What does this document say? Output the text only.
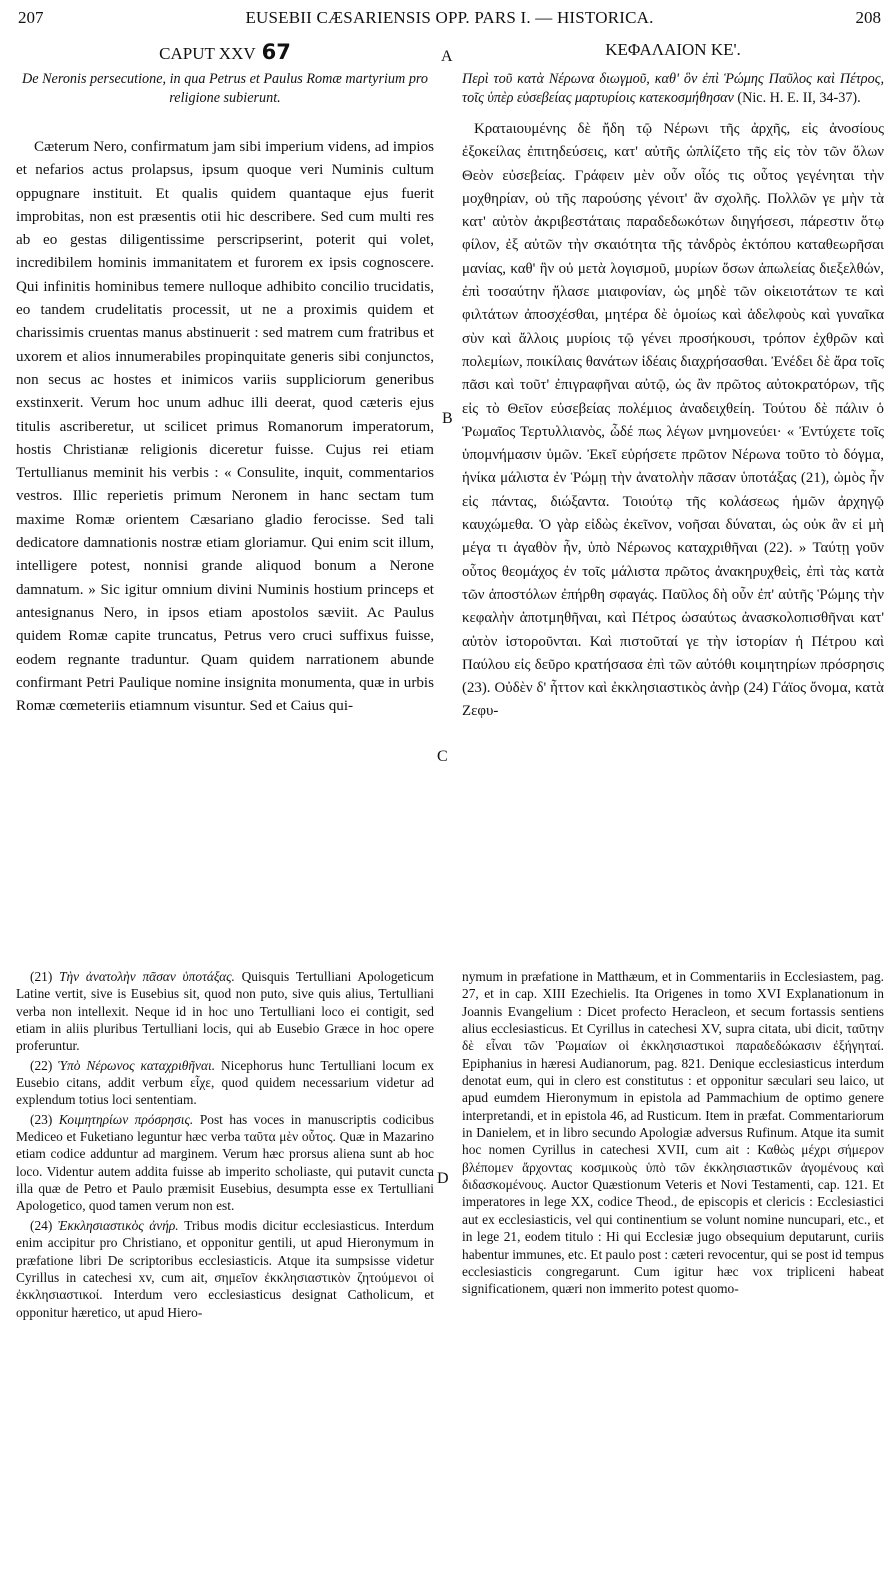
207	EUSEBII CÆSARIENSIS OPP. PARS I. — HISTORICA.	208
A
B
C
D
CAPUT XXV 67

De Neronis persecutione, in qua Petrus et Paulus Romæ martyrium pro religione subierunt.

Cæterum Nero, confirmatum jam sibi imperium videns, ad impios et nefarios actus prolapsus, ipsum quoque veri Numinis cultum oppugnare instituit. Et qualis quidem quantaque ejus fuerit improbitas, non est præsentis otii hic describere. Sed cum multi res ab eo gestas diligentissime perscripserint, poterit qui volet, incredibilem hominis immanitatem et furorem ex ipsis cognoscere. Qui infinitis hominibus temere nulloque adhibito concilio trucidatis, eo tandem crudelitatis processit, ut ne a proximis quidem et charissimis cruentas manus abstinuerit : sed matrem cum fratribus et uxorem et alios innumerabiles propinquitate generis sibi conjunctos, non secus ac hostes et inimicos variis suppliciorum generibus exstinxerit. Verum hoc unum adhuc illi deerat, quod cæteris ejus titulis ascriberetur, ut scilicet primus Romanorum imperatorum, hostis Christianæ religionis diceretur fuisse. Cujus rei etiam Tertullianus meminit his verbis : « Consulite, inquit, commentarios vestros. Illic reperietis primum Neronem in hanc sectam tum maxime Romæ orientem Cæsariano gladio ferocisse. Sed tali dedicatore damnationis nostræ etiam gloriamur. Qui enim scit illum, intelligere potest, nonnisi grande aliquod bonum a Nerone damnatum. » Sic igitur omnium divini Numinis hostium princeps et antesignanus Nero, in ipsos etiam apostolos sæviit. Ac Paulus quidem Romæ capite truncatus, Petrus vero cruci suffixus fuisse, eodem regnante traduntur. Quam quidem narrationem abunde confirmant Petri Paulique nomine insignita monumenta, quæ in urbis Romæ cœmeteriis etiamnum visuntur. Sed et Caius qui-

ΚΕΦΑΛΑΙΟΝ ΚΕ'.

Περὶ τοῦ κατὰ Νέρωνα διωγμοῦ, καθ' ὃν ἐπὶ Ῥώμης Παῦλος καὶ Πέτρος, τοῖς ὑπὲρ εὐσεβείας μαρτυρίοις κατεκοσμήθησαν (Nic. H. E. II, 34-37).

Κρατaιουμένης δὲ ἤδη τῷ Νέρωνι τῆς ἀρχῆς, εἰς ἀνοσίους ἐξοκείλας ἐπιτηδεύσεις, κατ' αὐτῆς ὡπλίζετο τῆς εἰς τὸν τῶν ὅλων Θεὸν εὐσεβείας. Γράφειν μὲν οὖν οἷός τις οὗτος γεγένηται τὴν μοχθηρίαν, οὐ τῆς παρούσης γένοιτ' ἂν σχολῆς. Πολλῶν γε μὴν τὰ κατ' αὐτὸν ἀκριβεστάταις παραδεδωκότων διηγήσεσι, πάρεστιν ὅτῳ φίλον, ἐξ αὐτῶν τὴν σκαιότητα τῆς τἀνδρὸς ἐκτόπου καταθεωρῆσαι μανίας, καθ' ἣν οὐ μετὰ λογισμοῦ, μυρίων ὅσων ἀπωλείας διεξελθών, ἐπὶ τοσαύτην ἤλασε μιαιφονίαν, ὡς μηδὲ τῶν οἰκειοτάτων τε καὶ φιλτάτων ἀποσχέσθαι, μητέρα δὲ ὁμοίως καὶ ἀδελφοὺς καὶ γυναῖκα σὺν καὶ ἄλλοις μυρίοις τῷ γένει προσήκουσι, τρόπον ἐχθρῶν καὶ πολεμίων, ποικίλαις θανάτων ἰδέαις διαχρήσασθαι. Ἐνέδει δὲ ἄρα τοῖς πᾶσι καὶ τοῦτ' ἐπιγραφῆναι αὐτῷ, ὡς ἂν πρῶτος αὐτοκρατόρων, τῆς εἰς τὸ Θεῖον εὐσεβείας πολέμιος ἀναδειχθείη. Τούτου δὲ πάλιν ὁ Ῥωμαῖος Τερτυλλιανὸς, ὧδέ πως λέγων μνημονεύει· « Ἐντύχετε τοῖς ὑπομνήμασιν ὑμῶν. Ἐκεῖ εὑρήσετε πρῶτον Νέρωνα τοῦτο τὸ δόγμα, ἡνίκα μάλιστα ἐν Ῥώμῃ τὴν ἀνατολὴν πᾶσαν ὑποτάξας (21), ὠμὸς ἦν εἰς πάντας, διώξαντα. Τοιούτῳ τῆς κολάσεως ἡμῶν ἀρχηγῷ καυχώμεθα. Ὁ γὰρ εἰδὼς ἐκεῖνον, νοῆσαι δύναται, ὡς οὐκ ἂν εἰ μὴ μέγα τι ἀγαθὸν ἦν, ὑπὸ Νέρωνος καταχριθῆναι (22). » Ταύτῃ γοῦν οὗτος θεομάχος ἐν τοῖς μάλιστα πρῶτος ἀνακηρυχθεὶς, ἐπὶ τὰς κατὰ τῶν ἀποστόλων ἐπήρθη σφαγάς. Παῦλος δὴ οὖν ἐπ' αὐτῆς Ῥώμης τὴν κεφαλὴν ἀποτμηθῆναι, καὶ Πέτρος ὡσαύτως ἀνασκολοπισθῆναι κατ' αὐτὸν ἱστοροῦνται. Καὶ πιστοῦταί γε τὴν ἱστορίαν ἡ Πέτρου καὶ Παύλου εἰς δεῦρο κρατήσασα ἐπὶ τῶν αὐτόθι κοιμητηρίων πρόσρησις (23). Οὐδὲν δ' ἧττον καὶ ἐκκλησιαστικὸς ἀνὴρ (24) Γάϊος ὄνομα, κατὰ Ζεφυ-

(21) Τὴν ἀνατολὴν πᾶσαν ὑποτάξας. Quisquis Tertulliani Apologeticum Latine vertit, sive is Eusebius sit, quod non puto, sive quis alius, Tertulliani verba non intellexit. Neque id in hoc uno Tertulliani loco ei contigit, sed etiam in aliis pluribus Tertulliani locis, qui ab Eusebio Græce in hoc opere proferuntur.

(22) Ὑπὸ Νέρωνος καταχριθῆναι. Nicephorus hunc Tertulliani locum ex Eusebio citans, addit verbum εἶχε, quod quidem necessarium videtur ad explendum totius loci sententiam.

(23) Κοιμητηρίων πρόσρησις. Post has voces in manuscriptis codicibus Mediceo et Fuketiano leguntur hæc verba ταῦτα μὲν οὗτος. Quæ in Mazarino etiam codice adduntur ad marginem. Verum hæc prorsus aliena sunt ab hoc loco. Videntur autem addita fuisse ab imperito scholiaste, qui putavit cuncta illa quæ de Petro et Paulo præmisit Eusebius, desumpta esse ex Tertulliani Apologetico, quod tamen verum non est.

(24) Ἐκκλησιαστικὸς ἀνήρ. Tribus modis dicitur ecclesiasticus. Interdum enim accipitur pro Christiano, et opponitur gentili, ut apud Hieronymum in præfatione libri De scriptoribus ecclesiasticis. Atque ita sumpsisse videtur Cyrillus in catechesi xv, cum ait, σημεῖον ἐκκλησιαστικὸν ζητούμενοι οἱ ἐκκλησιαστικοί. Interdum vero ecclesiasticus designat Catholicum, et opponitur hæretico, ut apud Hiero-

nymum in præfatione in Matthæum, et in Commentariis in Ecclesiastem, pag. 27, et in cap. XIII Ezechielis. Ita Origenes in tomo XVI Explanationum in Joannis Evangelium : Dicet profecto Heracleon, et secum fortassis sentiens alius ecclesiasticus. Et Cyrillus in catechesi XV, supra citata, ubi dicit, ταῦτην δὲ εἶναι τῶν Ῥωμαίων οἱ ἐκκλησιαστικοὶ παραδεδώκασιν ἐξήγηταί. Epiphanius in hæresi Audianorum, pag. 821. Denique ecclesiasticus interdum denotat eum, qui in clero est constitutus : et opponitur sæculari seu laico, ut apud eumdem Hieronymum in epistola ad Pammachium de optimo genere interpretandi, et in epistola 46, ad Rusticum. Item in præfat. Commentariorum in Danielem, et in libro secundo Apologiæ adversus Rufinum. Atque ita sumit hoc nomen Cyrillus in catechesi XVII, cum ait : Καθὼς μέχρι σήμερον βλέπομεν ἄρχοντας κοσμικοὺς ὑπὸ τῶν ἐκκλησιαστικῶν ἀγομένους καὶ διδασκομένους. Auctor Quæstionum Veteris et Novi Testamenti, cap. 121. Et imperatores in lege XX, codice Theod., de episcopis et clericis : Ecclesiastici aut ex ecclesiasticis, vel qui continentium se volunt nomine nuncupari, etc., et in lege 21, eodem titulo : Hi qui Ecclesiæ jugo obsequium deputarunt, curiis habentur immunes, etc. Et paulo post : cæteri revocentur, qui se post id tempus ecclesiasticis congregarunt. Cum igitur hæc vox tripliceni habeat significationem, quæri non immerito potest quomo-
